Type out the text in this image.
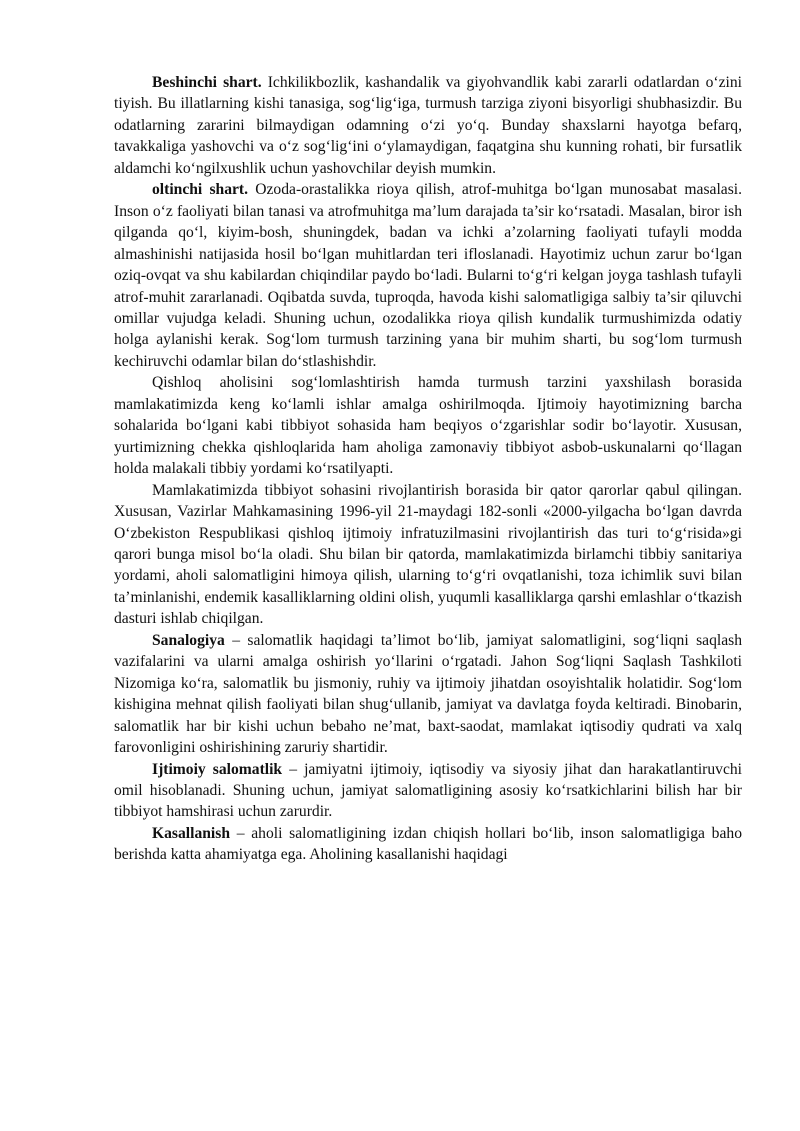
Beshinchi shart. Ichkilikbozlik, kashandalik va giyohvandlik kabi zararli odatlardan o‘zini tiyish. Bu illatlarning kishi tanasiga, sog‘lig‘iga, turmush tarziga ziyoni bisyorligi shubhasizdir. Bu odatlarning zararini bilmaydigan odamning o‘zi yo‘q. Bunday shaxslarni hayotga befarq, tavakkaliga yashovchi va o‘z sog‘lig‘ini o‘ylamaydigan, faqatgina shu kunning rohati, bir fursatlik aldamchi ko‘ngilxushlik uchun yashovchilar deyish mumkin.

oltinchi shart. Ozoda-orastalikka rioya qilish, atrof-muhitga bo‘lgan munosabat masalasi. Inson o‘z faoliyati bilan tanasi va atrofmuhitga ma’lum darajada ta’sir ko‘rsatadi. Masalan, biror ish qilganda qo‘l, kiyim-bosh, shuningdek, badan va ichki a’zolarning faoliyati tufayli modda almashinishi natijasida hosil bo‘lgan muhitlardan teri ifloslanadi. Hayotimiz uchun zarur bo‘lgan oziq-ovqat va shu kabilardan chiqindilar paydo bo‘ladi. Bularni to‘g‘ri kelgan joyga tashlash tufayli atrof-muhit zararlanadi. Oqibatda suvda, tuproqda, havoda kishi salomatligiga salbiy ta’sir qiluvchi omillar vujudga keladi. Shuning uchun, ozodalikka rioya qilish kundalik turmushimizda odatiy holga aylanishi kerak. Sog‘lom turmush tarzining yana bir muhim sharti, bu sog‘lom turmush kechiruvchi odamlar bilan do‘stlashishdir.

Qishloq aholisini sog‘lomlashtirish hamda turmush tarzini yaxshilash borasida mamlakatimizda keng ko‘lamli ishlar amalga oshirilmoqda. Ijtimoiy hayotimizning barcha sohalarida bo‘lgani kabi tibbiyot sohasida ham beqiyos o‘zgarishlar sodir bo‘layotir. Xususan, yurtimizning chekka qishloqlarida ham aholiga zamonaviy tibbiyot asbob-uskunalarni qo‘llagan holda malakali tibbiy yordami ko‘rsatilyapti.

Mamlakatimizda tibbiyot sohasini rivojlantirish borasida bir qator qarorlar qabul qilingan. Xususan, Vazirlar Mahkamasining 1996-yil 21-maydagi 182-sonli «2000-yilgacha bo‘lgan davrda O‘zbekiston Respublikasi qishloq ijtimoiy infratuzilmasini rivojlantirish das turi to‘g‘risida»gi qarori bunga misol bo‘la oladi. Shu bilan bir qatorda, mamlakatimizda birlamchi tibbiy sanitariya yordami, aholi salomatligini himoya qilish, ularning to‘g‘ri ovqatlanishi, toza ichimlik suvi bilan ta’minlanishi, endemik kasalliklarning oldini olish, yuqumli kasalliklarga qarshi emlashlar o‘tkazish dasturi ishlab chiqilgan.

Sanalogiya – salomatlik haqidagi ta’limot bo‘lib, jamiyat salomatligini, sog‘liqni saqlash vazifalarini va ularni amalga oshirish yo‘llarini o‘rgatadi. Jahon Sog‘liqni Saqlash Tashkiloti Nizomiga ko‘ra, salomatlik bu jismoniy, ruhiy va ijtimoiy jihatdan osoyishtalik holatidir. Sog‘lom kishigina mehnat qilish faoliyati bilan shug‘ullanib, jamiyat va davlatga foyda keltiradi. Binobarin, salomatlik har bir kishi uchun bebaho ne’mat, baxt-saodat, mamlakat iqtisodiy qudrati va xalq farovonligini oshirishining zaruriy shartidir.

Ijtimoiy salomatlik – jamiyatni ijtimoiy, iqtisodiy va siyosiy jihat dan harakatlantiruvchi omil hisoblanadi. Shuning uchun, jamiyat salomatligining asosiy ko‘rsatkichlarini bilish har bir tibbiyot hamshirasi uchun zarurdir.

Kasallanish – aholi salomatligining izdan chiqish hollari bo‘lib, inson salomatligiga baho berishda katta ahamiyatga ega. Aholining kasallanishi haqidagi
